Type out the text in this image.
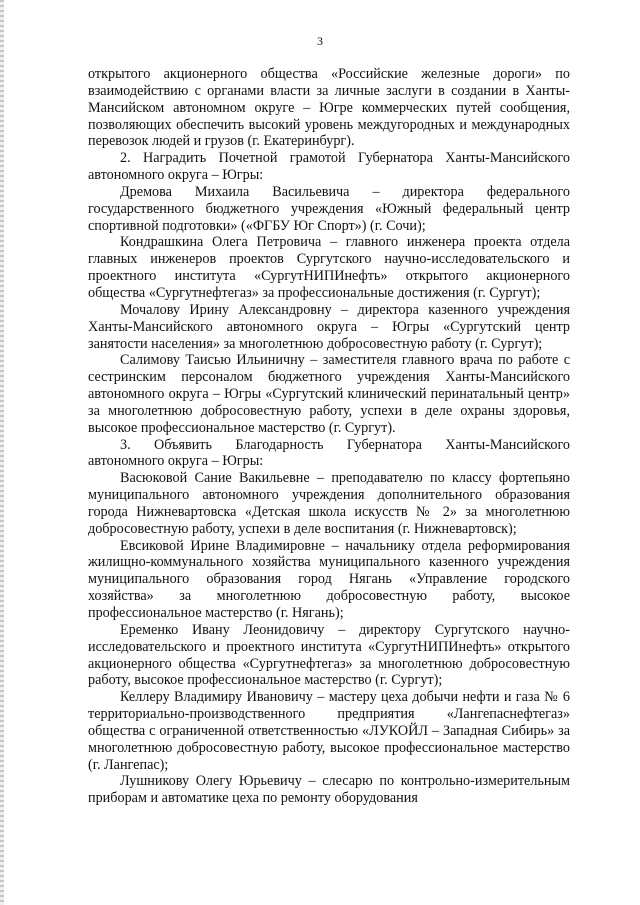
3

открытого акционерного общества «Российские железные дороги» по взаимодействию с органами власти за личные заслуги в создании в Ханты-Мансийском автономном округе – Югре коммерческих путей сообщения, позволяющих обеспечить высокий уровень междугородных и международных перевозок людей и грузов (г. Екатеринбург).

2. Наградить Почетной грамотой Губернатора Ханты-Мансийского автономного округа – Югры:

Дремова Михаила Васильевича – директора федерального государственного бюджетного учреждения «Южный федеральный центр спортивной подготовки» («ФГБУ Юг Спорт») (г. Сочи);

Кондрашкина Олега Петровича – главного инженера проекта отдела главных инженеров проектов Сургутского научно-исследовательского и проектного института «СургутНИПИнефть» открытого акционерного общества «Сургутнефтегаз» за профессиональные достижения (г. Сургут);

Мочалову Ирину Александровну – директора казенного учреждения Ханты-Мансийского автономного округа – Югры «Сургутский центр занятости населения» за многолетнюю добросовестную работу (г. Сургут);

Салимову Таисью Ильиничну – заместителя главного врача по работе с сестринским персоналом бюджетного учреждения Ханты-Мансийского автономного округа – Югры «Сургутский клинический перинатальный центр» за многолетнюю добросовестную работу, успехи в деле охраны здоровья, высокое профессиональное мастерство (г. Сургут).

3. Объявить Благодарность Губернатора Ханты-Мансийского автономного округа – Югры:

Васюковой Сание Вакильевне – преподавателю по классу фортепьяно муниципального автономного учреждения дополнительного образования города Нижневартовска «Детская школа искусств № 2» за многолетнюю добросовестную работу, успехи в деле воспитания (г. Нижневартовск);

Евсиковой Ирине Владимировне – начальнику отдела реформирования жилищно-коммунального хозяйства муниципального казенного учреждения муниципального образования город Нягань «Управление городского хозяйства» за многолетнюю добросовестную работу, высокое профессиональное мастерство (г. Нягань);

Еременко Ивану Леонидовичу – директору Сургутского научно-исследовательского и проектного института «СургутНИПИнефть» открытого акционерного общества «Сургутнефтегаз» за многолетнюю добросовестную работу, высокое профессиональное мастерство (г. Сургут);

Келлеру Владимиру Ивановичу – мастеру цеха добычи нефти и газа № 6 территориально-производственного предприятия «Лангепаснефтегаз» общества с ограниченной ответственностью «ЛУКОЙЛ – Западная Сибирь» за многолетнюю добросовестную работу, высокое профессиональное мастерство (г. Лангепас);

Лушникову Олегу Юрьевичу – слесарю по контрольно-измерительным приборам и автоматике цеха по ремонту оборудования
